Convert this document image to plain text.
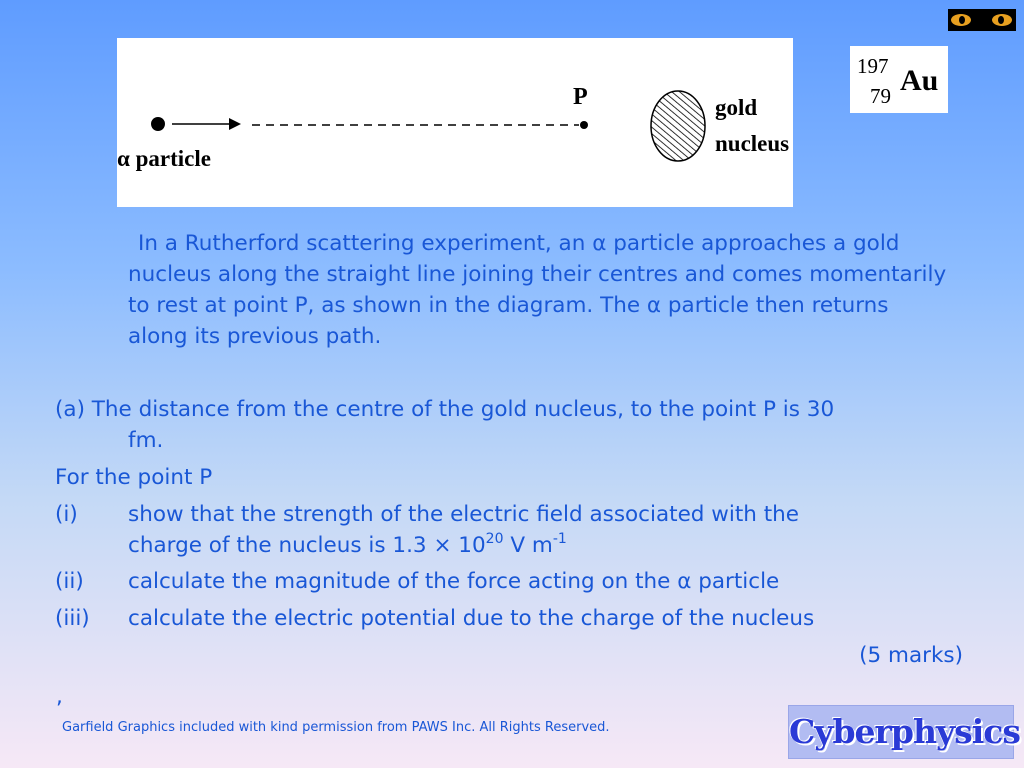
P	gold
nucleus
α particle
197
79 Au
In a Rutherford scattering experiment, an α particle approaches a gold nucleus along the straight line joining their centres and comes momentarily to rest at point P, as shown in the diagram. The α particle then returns along its previous path.
(a) The distance from the centre of the gold nucleus, to the point P is 30
fm.
For the point P
(i) show that the strength of the electric field associated with the
charge of the nucleus is $1.3 \times 10^{20}$ V $m^{-1}$
(ii) calculate the magnitude of the force acting on the α particle
(iii) calculate the electric potential due to the charge of the nucleus
(5 marks)
,
Garfield Graphics included with kind permission from PAWS Inc. All Rights Reserved.	Cyberphysics
